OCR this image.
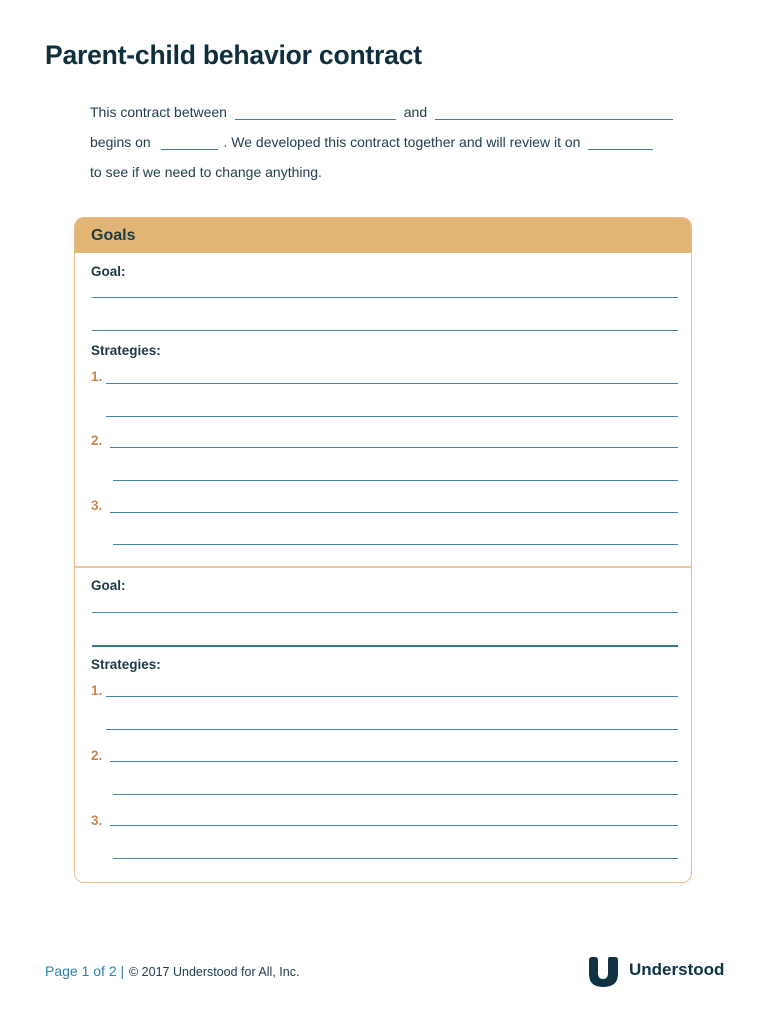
Parent-child behavior contract
This contract between	and
begins on	. We developed this contract together and will review it on
to see if we need to change anything.
Goals
Goal:
Strategies:
1.
2.
3.
Goal:
Strategies:
1.
2.
3.
Page 1 of 2 | © 2017 Understood for All, Inc.	Understood
